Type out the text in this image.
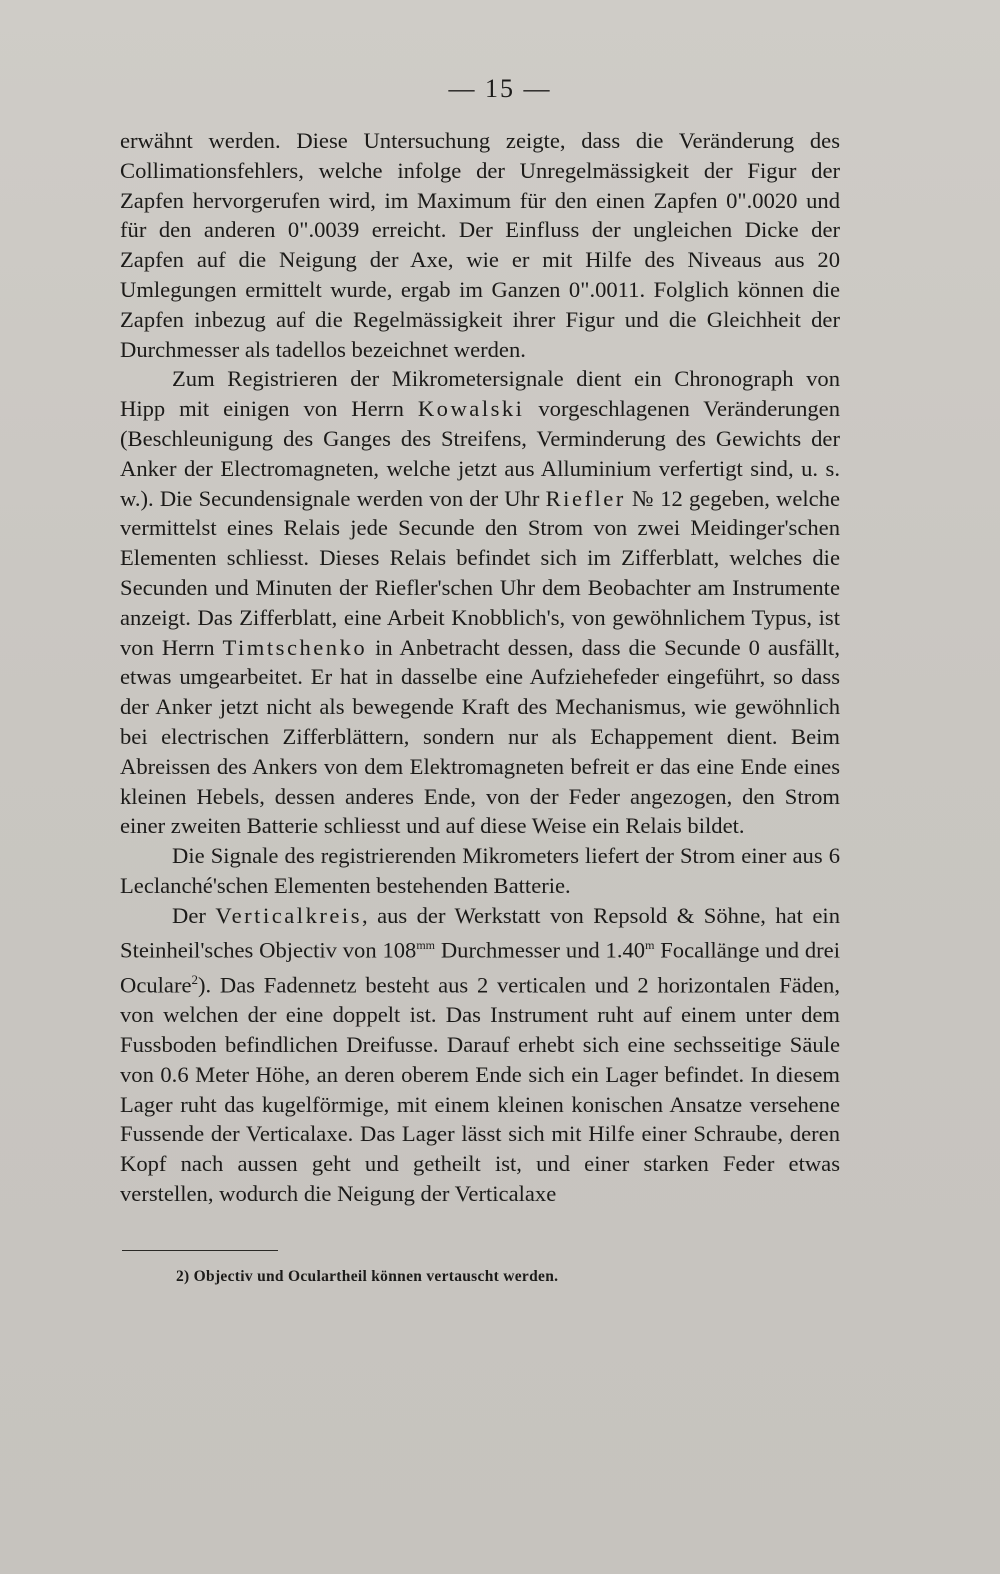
— 15 —

erwähnt werden. Diese Untersuchung zeigte, dass die Veränderung des Collimationsfehlers, welche infolge der Unregelmässigkeit der Figur der Zapfen hervorgerufen wird, im Maximum für den einen Zapfen 0".0020 und für den anderen 0".0039 erreicht. Der Einfluss der ungleichen Dicke der Zapfen auf die Neigung der Axe, wie er mit Hilfe des Niveaus aus 20 Umlegungen ermittelt wurde, ergab im Ganzen 0".0011. Folglich können die Zapfen inbezug auf die Regelmässigkeit ihrer Figur und die Gleichheit der Durchmesser als tadellos bezeichnet werden.

Zum Registrieren der Mikrometersignale dient ein Chronograph von Hipp mit einigen von Herrn Kowalski vorgeschlagenen Veränderungen (Beschleunigung des Ganges des Streifens, Verminderung des Gewichts der Anker der Electromagneten, welche jetzt aus Alluminium verfertigt sind, u. s. w.). Die Secundensignale werden von der Uhr Riefler № 12 gegeben, welche vermittelst eines Relais jede Secunde den Strom von zwei Meidinger'schen Elementen schliesst. Dieses Relais befindet sich im Zifferblatt, welches die Secunden und Minuten der Riefler'schen Uhr dem Beobachter am Instrumente anzeigt. Das Zifferblatt, eine Arbeit Knobblich's, von gewöhnlichem Typus, ist von Herrn Timtschenko in Anbetracht dessen, dass die Secunde 0 ausfällt, etwas umgearbeitet. Er hat in dasselbe eine Aufziehefeder eingeführt, so dass der Anker jetzt nicht als bewegende Kraft des Mechanismus, wie gewöhnlich bei electrischen Zifferblättern, sondern nur als Echappement dient. Beim Abreissen des Ankers von dem Elektromagneten befreit er das eine Ende eines kleinen Hebels, dessen anderes Ende, von der Feder angezogen, den Strom einer zweiten Batterie schliesst und auf diese Weise ein Relais bildet.

Die Signale des registrierenden Mikrometers liefert der Strom einer aus 6 Leclanché'schen Elementen bestehenden Batterie.

Der Verticalkreis, aus der Werkstatt von Repsold & Söhne, hat ein Steinheil'sches Objectiv von $108^{mm}$ Durchmesser und 1.40$^m$ Focallänge und drei Oculare$^2$). Das Fadennetz besteht aus 2 verticalen und 2 horizontalen Fäden, von welchen der eine doppelt ist. Das Instrument ruht auf einem unter dem Fussboden befindlichen Dreifusse. Darauf erhebt sich eine sechsseitige Säule von 0.6 Meter Höhe, an deren oberem Ende sich ein Lager befindet. In diesem Lager ruht das kugelförmige, mit einem kleinen konischen Ansatze versehene Fussende der Verticalaxe. Das Lager lässt sich mit Hilfe einer Schraube, deren Kopf nach aussen geht und getheilt ist, und einer starken Feder etwas verstellen, wodurch die Neigung der Verticalaxe

2) Objectiv und Oculartheil können vertauscht werden.
